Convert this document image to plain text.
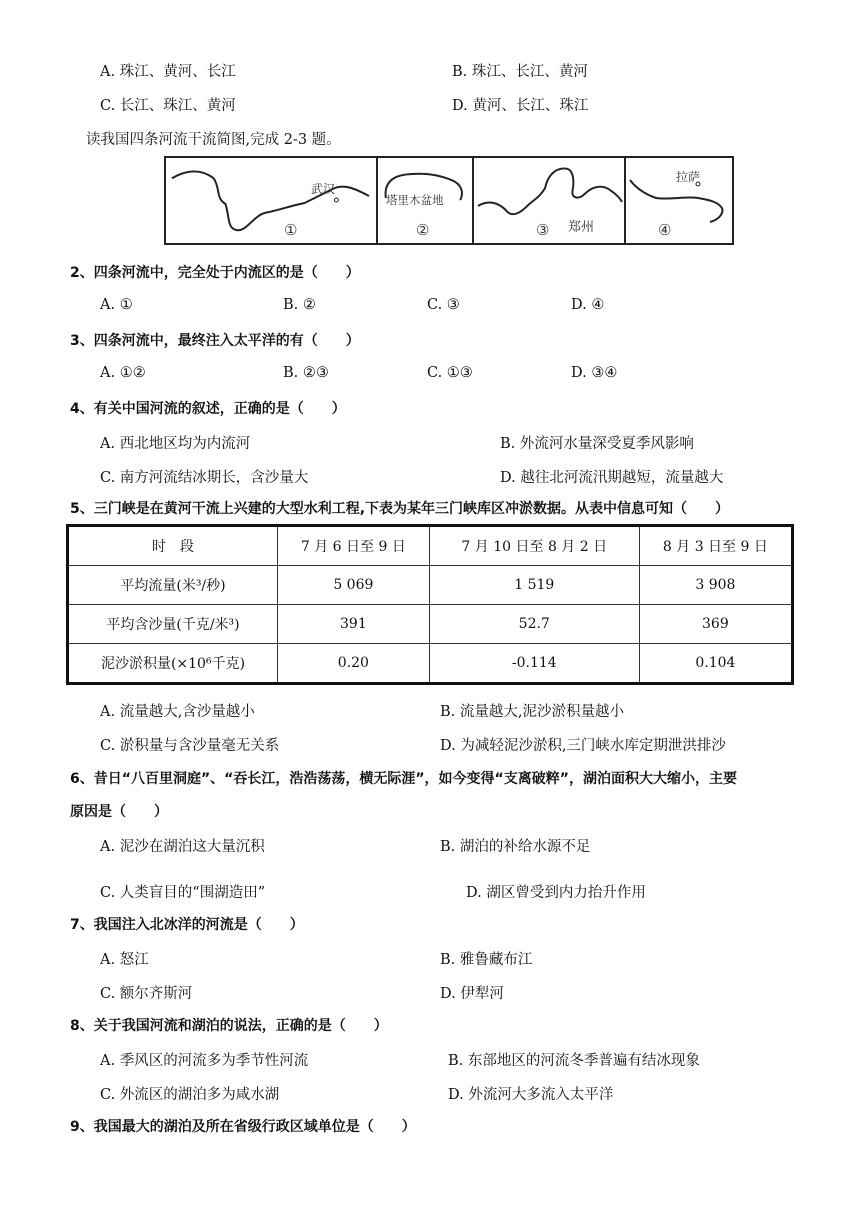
A. 珠江、黄河、长江	B. 珠江、长江、黄河
C. 长江、珠江、黄河	D. 黄河、长江、珠江
读我国四条河流干流简图,完成 2-3 题。
武汉
①
塔里木盆地
②	郑州
③
拉萨
④
2、四条河流中，完全处于内流区的是（　　）
A. ①	B. ②	C. ③	D. ④
3、四条河流中，最终注入太平洋的有（　　）
A. ①②	B. ②③	C. ①③	D. ③④
4、有关中国河流的叙述，正确的是（　　）
A. 西北地区均为内流河	B. 外流河水量深受夏季风影响
C. 南方河流结冰期长，含沙量大	D. 越往北河流汛期越短，流量越大
5、三门峡是在黄河干流上兴建的大型水利工程,下表为某年三门峡库区冲淤数据。从表中信息可知（　　）
时　段	7 月 6 日至 9 日	7 月 10 日至 8 月 2 日	8 月 3 日至 9 日
平均流量(米³/秒)	5 069	1 519	3 908
平均含沙量(千克/米³)	391	52.7	369
泥沙淤积量(×10⁶千克)	0.20	-0.114	0.104
A. 流量越大,含沙量越小	B. 流量越大,泥沙淤积量越小
C. 淤积量与含沙量毫无关系	D. 为减轻泥沙淤积,三门峡水库定期泄洪排沙
6、昔日“八百里洞庭”、“吞长江，浩浩荡荡，横无际涯”，如今变得“支离破粹”，湖泊面积大大缩小，主要
原因是（　　）
A. 泥沙在湖泊这大量沉积	B. 湖泊的补给水源不足
C. 人类盲目的“围湖造田”	D. 湖区曾受到内力抬升作用
7、我国注入北冰洋的河流是（　　）
A. 怒江	B. 雅鲁藏布江
C. 额尔齐斯河	D. 伊犁河
8、关于我国河流和湖泊的说法，正确的是（　　）
A. 季风区的河流多为季节性河流	B. 东部地区的河流冬季普遍有结冰现象
C. 外流区的湖泊多为咸水湖	D. 外流河大多流入太平洋
9、我国最大的湖泊及所在省级行政区域单位是（　　）
